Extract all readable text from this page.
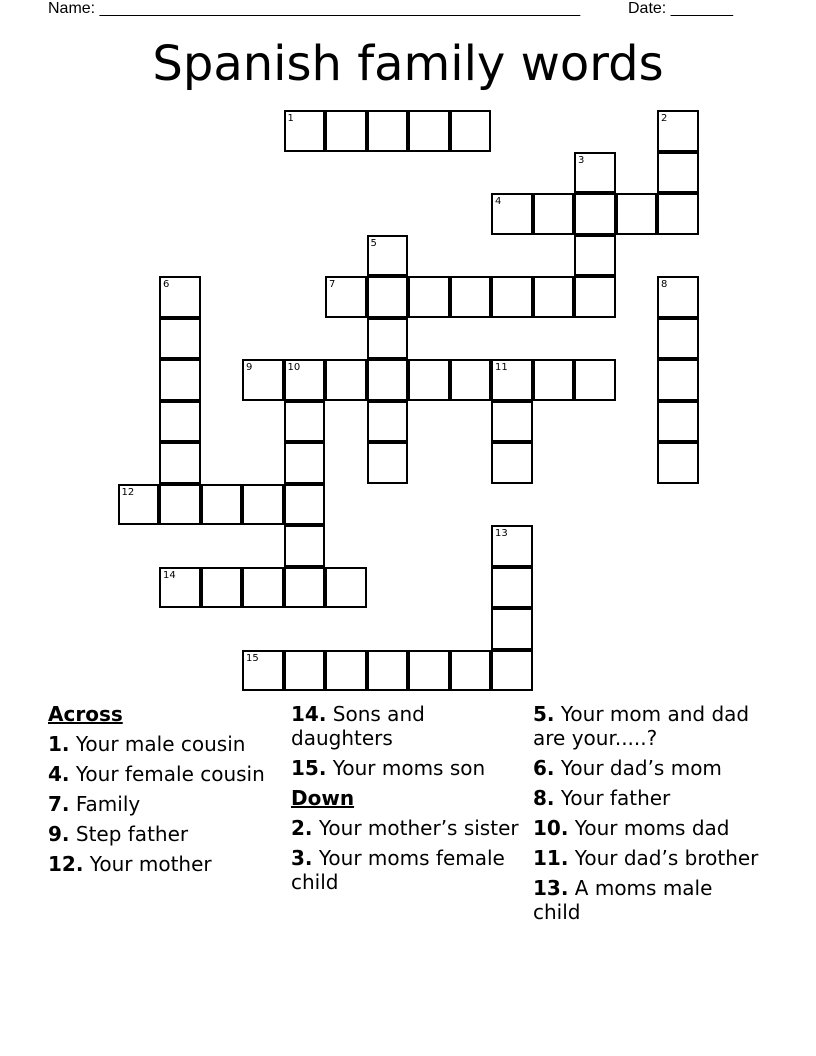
Name: ______________________________________________________	Date: _______
Spanish family words
1	2
3
4
5
6	7	8
9	10	11
12
13
14
15
Across
1. Your male cousin
4. Your female cousin
7. Family
9. Step father
12. Your mother
14. Sons and daughters
15. Your moms son
Down
2. Your mother’s sister
3. Your moms female child
5. Your mom and dad are your.....?
6. Your dad’s mom
8. Your father
10. Your moms dad
11. Your dad’s brother
13. A moms male child
